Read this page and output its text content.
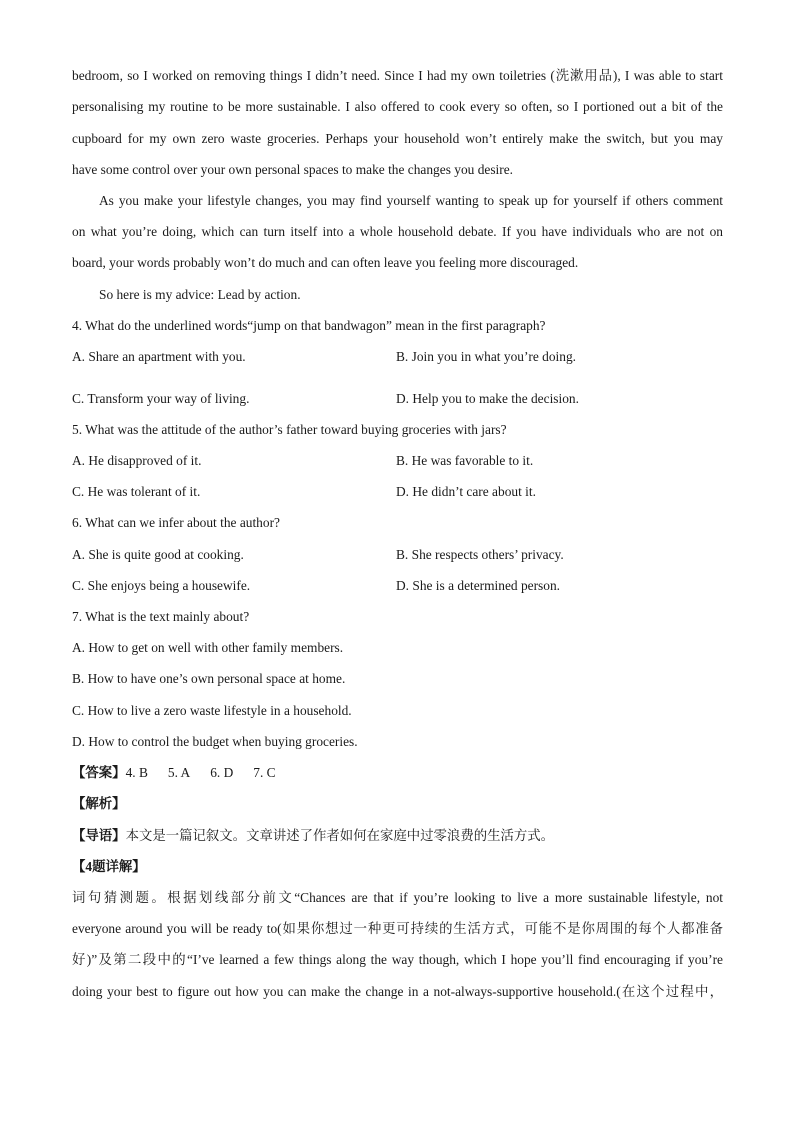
bedroom, so I worked on removing things I didn’t need. Since I had my own toiletries (洗漱用品), I was able to start
personalising my routine to be more sustainable. I also offered to cook every so often, so I portioned out a bit of the
cupboard for my own zero waste groceries. Perhaps your household won’t entirely make the switch, but you may
have some control over your own personal spaces to make the changes you desire.
As you make your lifestyle changes, you may find yourself wanting to speak up for yourself if others comment
on what you’re doing, which can turn itself into a whole household debate. If you have individuals who are not on
board, your words probably won’t do much and can often leave you feeling more discouraged.
So here is my advice: Lead by action.
4. What do the underlined words“jump on that bandwagon” mean in the first paragraph?
A. Share an apartment with you.	B. Join you in what you’re doing.
C. Transform your way of living.	D. Help you to make the decision.
5. What was the attitude of the author’s father toward buying groceries with jars?
A. He disapproved of it.	B. He was favorable to it.
C. He was tolerant of it.	D. He didn’t care about it.
6. What can we infer about the author?
A. She is quite good at cooking.	B. She respects others’ privacy.
C. She enjoys being a housewife.	D. She is a determined person.
7. What is the text mainly about?
A. How to get on well with other family members.
B. How to have one’s own personal space at home.
C. How to live a zero waste lifestyle in a household.
D. How to control the budget when buying groceries.
【答案】4. B 5. A 6. D 7. C
【解析】
【导语】本文是一篇记叙文。文章讲述了作者如何在家庭中过零浪费的生活方式。
【4题详解】
词句猜测题。根据划线部分前文“Chances are that if you’re looking to live a more sustainable lifestyle, not
everyone around you will be ready to(如果你想过一种更可持续的生活方式，可能不是你周围的每个人都准备
好)”及第二段中的“I’ve learned a few things along the way though, which I hope you’ll find encouraging if you’re
doing your best to figure out how you can make the change in a not-always-supportive household.(在这个过程中，
